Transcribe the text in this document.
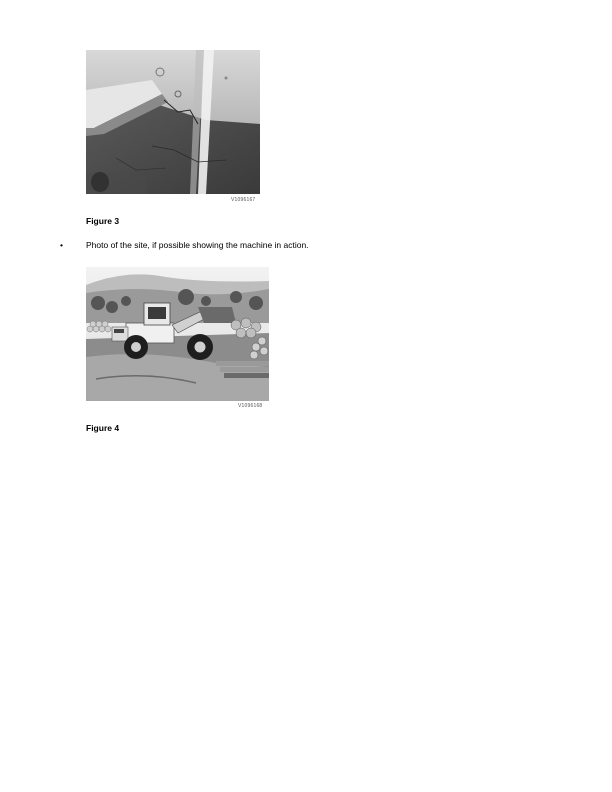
V1096167
Figure 3
•	Photo of the site, if possible showing the machine in action.
V1096168
Figure 4
